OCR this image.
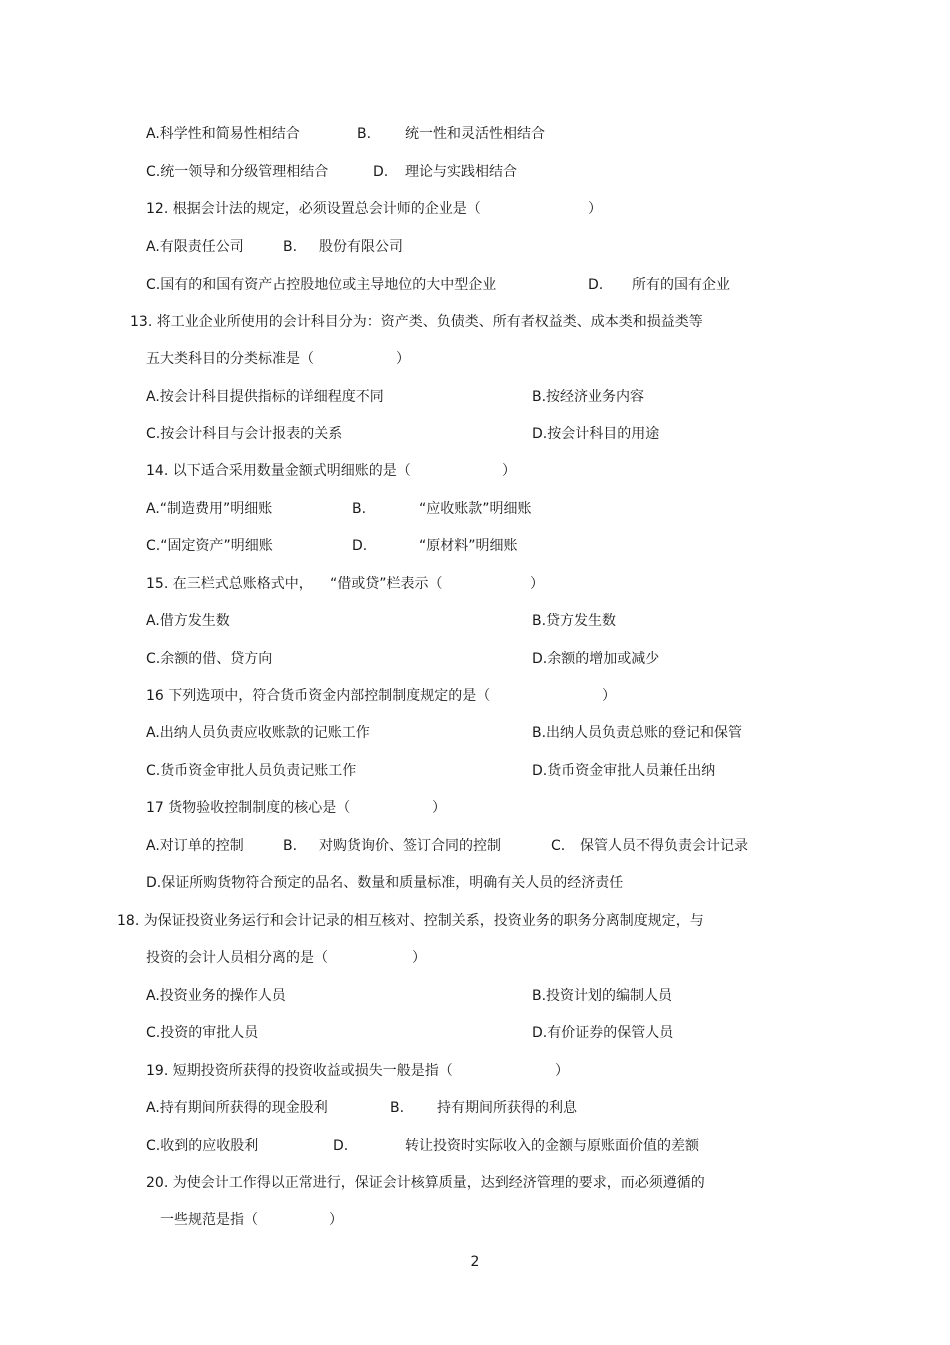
A.科学性和简易性相结合	B. 统一性和灵活性相结合
C.统一领导和分级管理相结合	D. 理论与实践相结合
12. 根据会计法的规定，必须设置总会计师的企业是（	）
A.有限责任公司	B. 股份有限公司
C.国有的和国有资产占控股地位或主导地位的大中型企业	D. 所有的国有企业
13. 将工业企业所使用的会计科目分为：资产类、负债类、所有者权益类、成本类和损益类等
五大类科目的分类标准是（	）
A.按会计科目提供指标的详细程度不同	B.按经济业务内容
C.按会计科目与会计报表的关系	D.按会计科目的用途
14. 以下适合采用数量金额式明细账的是（	）
A.“制造费用”明细账	B.	“应收账款”明细账
C.“固定资产”明细账	D.	“原材料”明细账
15. 在三栏式总账格式中， “借或贷”栏表示（	）
A.借方发生数	B.贷方发生数
C.余额的借、贷方向	D.余额的增加或减少
16 下列选项中，符合货币资金内部控制制度规定的是（	）
A.出纳人员负责应收账款的记账工作	B.出纳人员负责总账的登记和保管
C.货币资金审批人员负责记账工作	D.货币资金审批人员兼任出纳
17 货物验收控制制度的核心是（	）
A.对订单的控制	B. 对购货询价、签订合同的控制	C. 保管人员不得负责会计记录
D.保证所购货物符合预定的品名、数量和质量标准，明确有关人员的经济责任
18. 为保证投资业务运行和会计记录的相互核对、控制关系，投资业务的职务分离制度规定，与
投资的会计人员相分离的是（	）
A.投资业务的操作人员	B.投资计划的编制人员
C.投资的审批人员	D.有价证券的保管人员
19. 短期投资所获得的投资收益或损失一般是指（	）
A.持有期间所获得的现金股利	B. 持有期间所获得的利息
C.收到的应收股利	D.	转让投资时实际收入的金额与原账面价值的差额
20. 为使会计工作得以正常进行，保证会计核算质量，达到经济管理的要求，而必须遵循的
一些规范是指（	）
2
